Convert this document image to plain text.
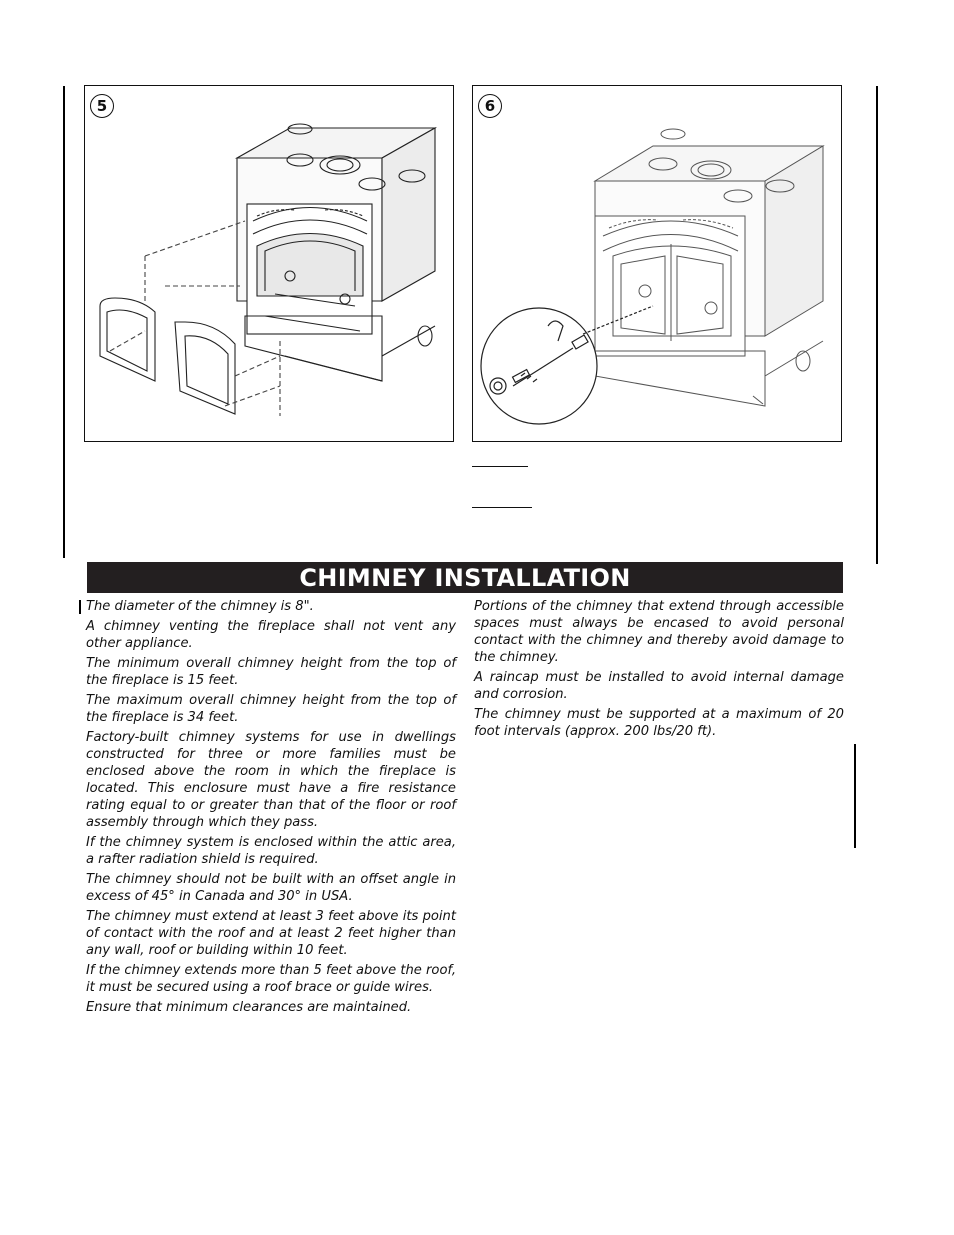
5	6
CHIMNEY INSTALLATION

The diameter of the chimney is 8".

A chimney venting the fireplace shall not vent any other appliance.

The minimum overall chimney height from the top of the fireplace is 15 feet.

The maximum overall chimney height from the top of the fireplace is 34 feet.

Factory-built chimney systems for use in dwellings constructed for three or more families must be enclosed above the room in which the fireplace is located. This enclosure must have a fire resistance rating equal to or greater than that of the floor or roof assembly through which they pass.

If the chimney system is enclosed within the attic area, a rafter radiation shield is required.

The chimney should not be built with an offset angle in excess of 45° in Canada and 30° in USA.

The chimney must extend at least 3 feet above its point of contact with the roof and at least 2 feet higher than any wall, roof or building within 10 feet.

If the chimney extends more than 5 feet above the roof, it must be secured using a roof brace or guide wires.

Ensure that minimum clearances are maintained.

Portions of the chimney that extend through accessible spaces must always be encased to avoid personal contact with the chimney and thereby avoid damage to the chimney.

A raincap must be installed to avoid internal damage and corrosion.

The chimney must be supported at a maximum of 20 foot intervals (approx. 200 lbs/20 ft).
